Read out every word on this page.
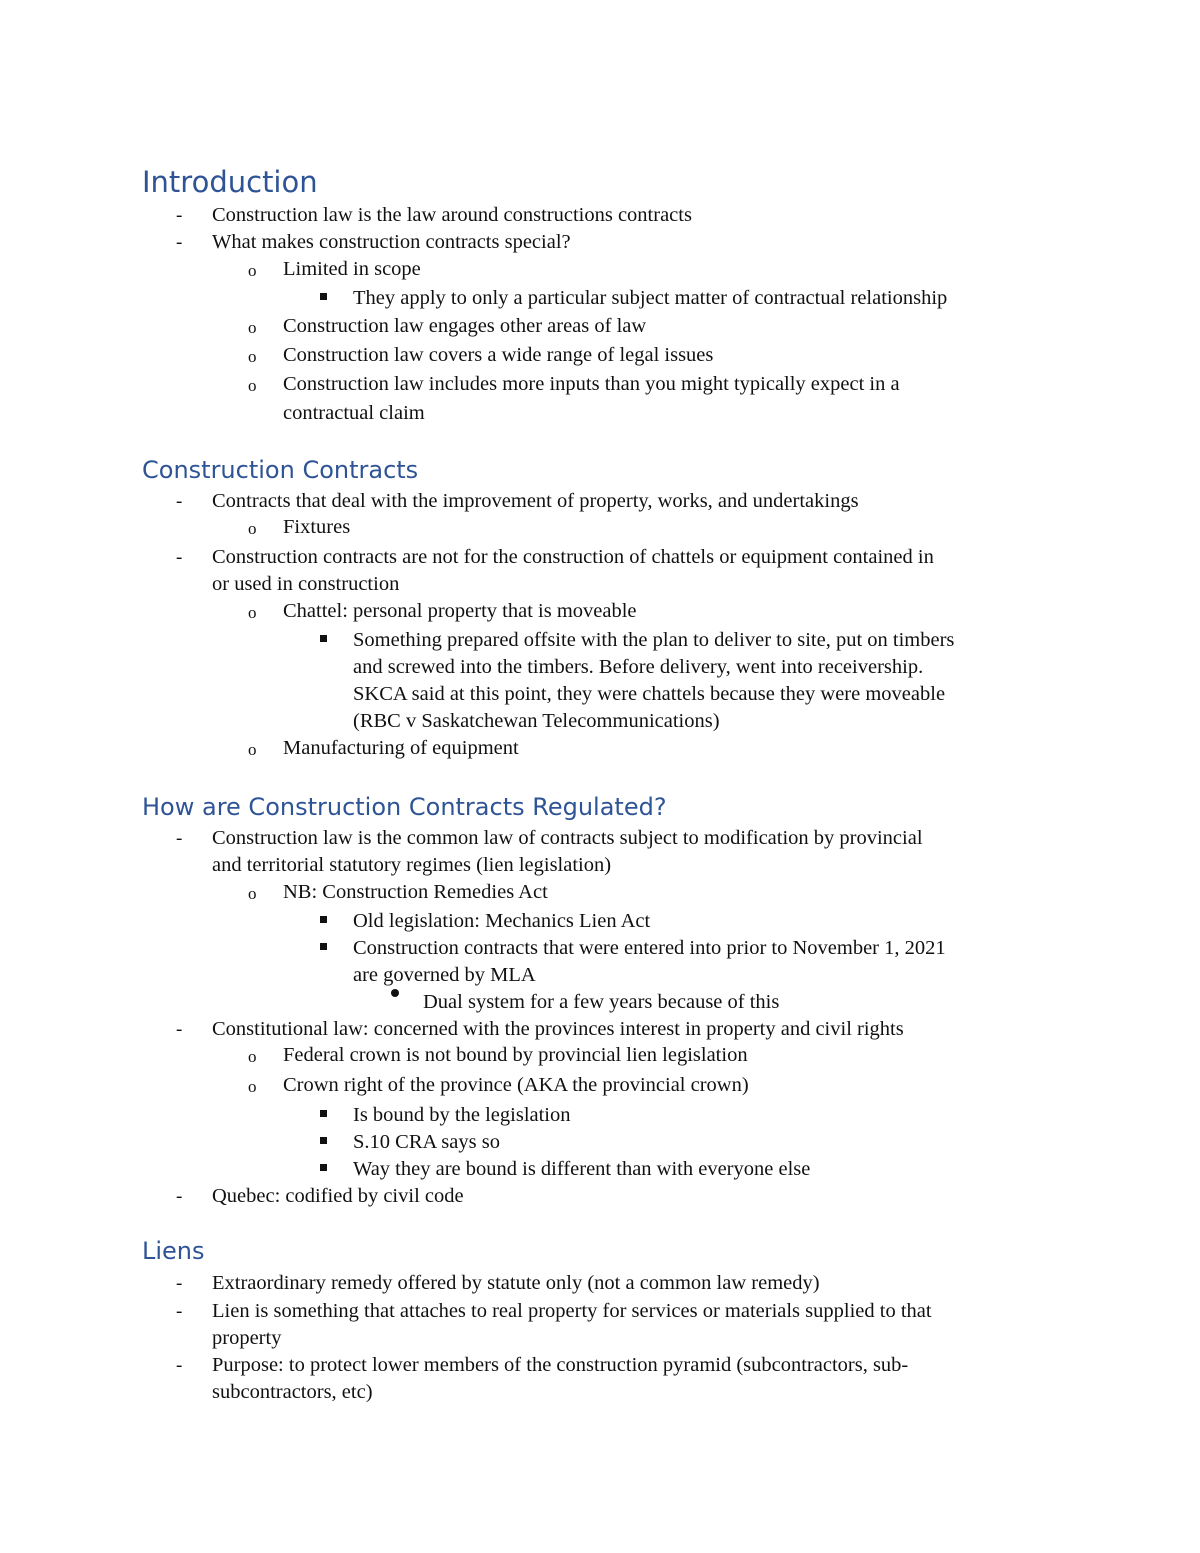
Introduction
- Construction law is the law around constructions contracts
- What makes construction contracts special?
o Limited in scope
They apply to only a particular subject matter of contractual relationship
o Construction law engages other areas of law
o Construction law covers a wide range of legal issues
o Construction law includes more inputs than you might typically expect in a
contractual claim
Construction Contracts
- Contracts that deal with the improvement of property, works, and undertakings
o Fixtures
- Construction contracts are not for the construction of chattels or equipment contained in
or used in construction
o Chattel: personal property that is moveable
Something prepared offsite with the plan to deliver to site, put on timbers
and screwed into the timbers. Before delivery, went into receivership.
SKCA said at this point, they were chattels because they were moveable
(RBC v Saskatchewan Telecommunications)
o Manufacturing of equipment
How are Construction Contracts Regulated?
- Construction law is the common law of contracts subject to modification by provincial
and territorial statutory regimes (lien legislation)
o NB: Construction Remedies Act
Old legislation: Mechanics Lien Act
Construction contracts that were entered into prior to November 1, 2021
are governed by MLA
Dual system for a few years because of this
- Constitutional law: concerned with the provinces interest in property and civil rights
o Federal crown is not bound by provincial lien legislation
o Crown right of the province (AKA the provincial crown)
Is bound by the legislation
S.10 CRA says so
Way they are bound is different than with everyone else
- Quebec: codified by civil code
Liens
- Extraordinary remedy offered by statute only (not a common law remedy)
- Lien is something that attaches to real property for services or materials supplied to that
property
- Purpose: to protect lower members of the construction pyramid (subcontractors, sub-
subcontractors, etc)
